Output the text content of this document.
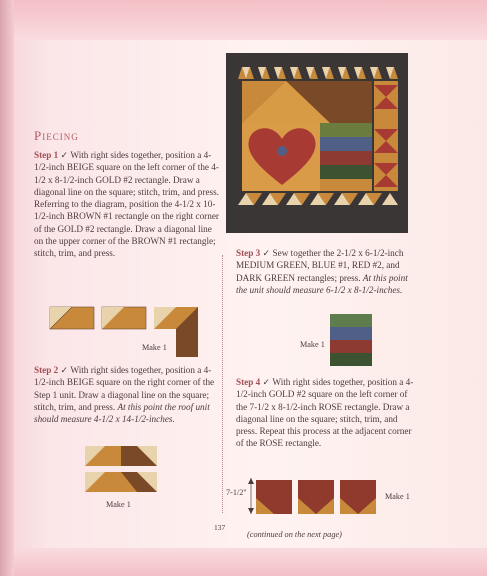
Piecing
Step 1 ✓ With right sides together, position a 4-1/2-inch BEIGE square on the left corner of the 4-1/2 x 8-1/2-inch GOLD #2 rectangle. Draw a diagonal line on the square; stitch, trim, and press. Referring to the diagram, position the 4-1/2 x 10-1/2-inch BROWN #1 rectangle on the right corner of the GOLD #2 rectangle. Draw a diagonal line on the upper corner of the BROWN #1 rectangle; stitch, trim, and press.
Make 1
Step 2 ✓ With right sides together, position a 4-1/2-inch BEIGE square on the right corner of the Step 1 unit. Draw a diagonal line on the square; stitch, trim, and press. At this point the roof unit should measure 4-1/2 x 14-1/2-inches.
Make 1
Step 3 ✓ Sew together the 2-1/2 x 6-1/2-inch MEDIUM GREEN, BLUE #1, RED #2, and DARK GREEN rectangles; press. At this point the unit should measure 6-1/2 x 8-1/2-inches.
Make 1
Step 4 ✓ With right sides together, position a 4-1/2-inch GOLD #2 square on the left corner of the 7-1/2 x 8-1/2-inch ROSE rectangle. Draw a diagonal line on the square; stitch, trim, and press. Repeat this process at the adjacent corner of the ROSE rectangle.
7-1/2"	Make 1
137
(continued on the next page)
